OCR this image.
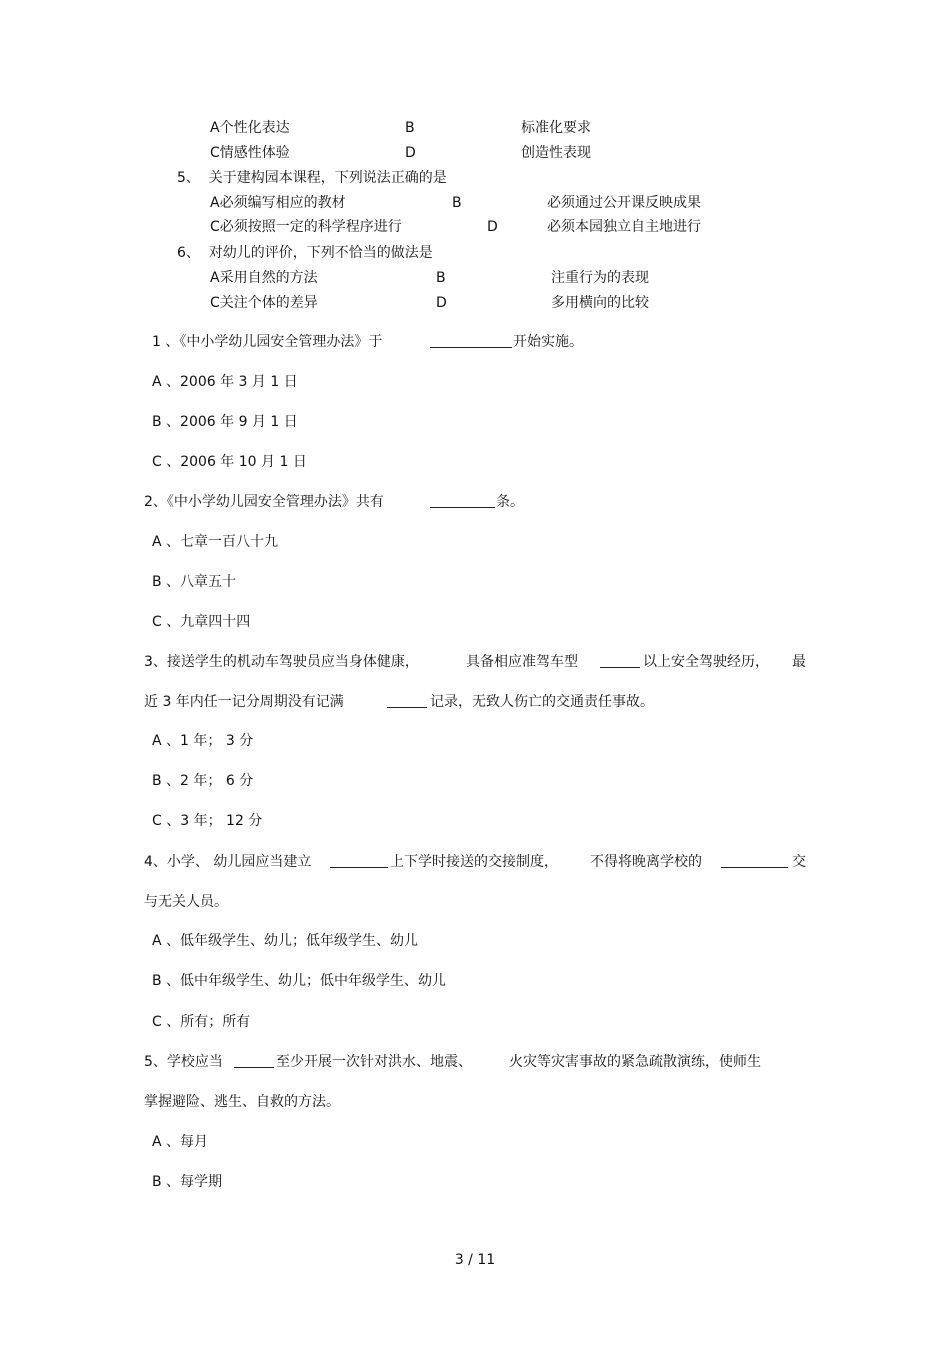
A个性化表达	B	标准化要求
C情感性体验	D	创造性表现
5、  关于建构园本课程，下列说法正确的是
A必须编写相应的教材	B	必须通过公开课反映成果
C必须按照一定的科学程序进行	D	必须本园独立自主地进行
6、  对幼儿的评价，下列不恰当的做法是
A采用自然的方法	B	注重行为的表现
C关注个体的差异	D	多用横向的比较
1 、《中小学幼儿园安全管理办法》于	开始实施。
A 、2006 年 3 月 1 日
B 、2006 年 9 月 1 日
C 、2006 年 10 月 1 日
2、《中小学幼儿园安全管理办法》共有	条。
A 、七章一百八十九
B 、八章五十
C 、九章四十四
3、接送学生的机动车驾驶员应当身体健康，	具备相应准驾车型	以上安全驾驶经历， 最
近 3 年内任一记分周期没有记满	记录，无致人伤亡的交通责任事故。
A 、1 年； 3 分
B 、2 年； 6 分
C 、3 年； 12 分
4、小学、 幼儿园应当建立	上下学时接送的交接制度， 不得将晚离学校的	交
与无关人员。
A 、低年级学生、幼儿；低年级学生、幼儿
B 、低中年级学生、幼儿；低中年级学生、幼儿
C 、所有；所有
5、学校应当	至少开展一次针对洪水、地震、	火灾等灾害事故的紧急疏散演练，使师生
掌握避险、逃生、自救的方法。
A 、每月
B 、每学期
3 / 11
